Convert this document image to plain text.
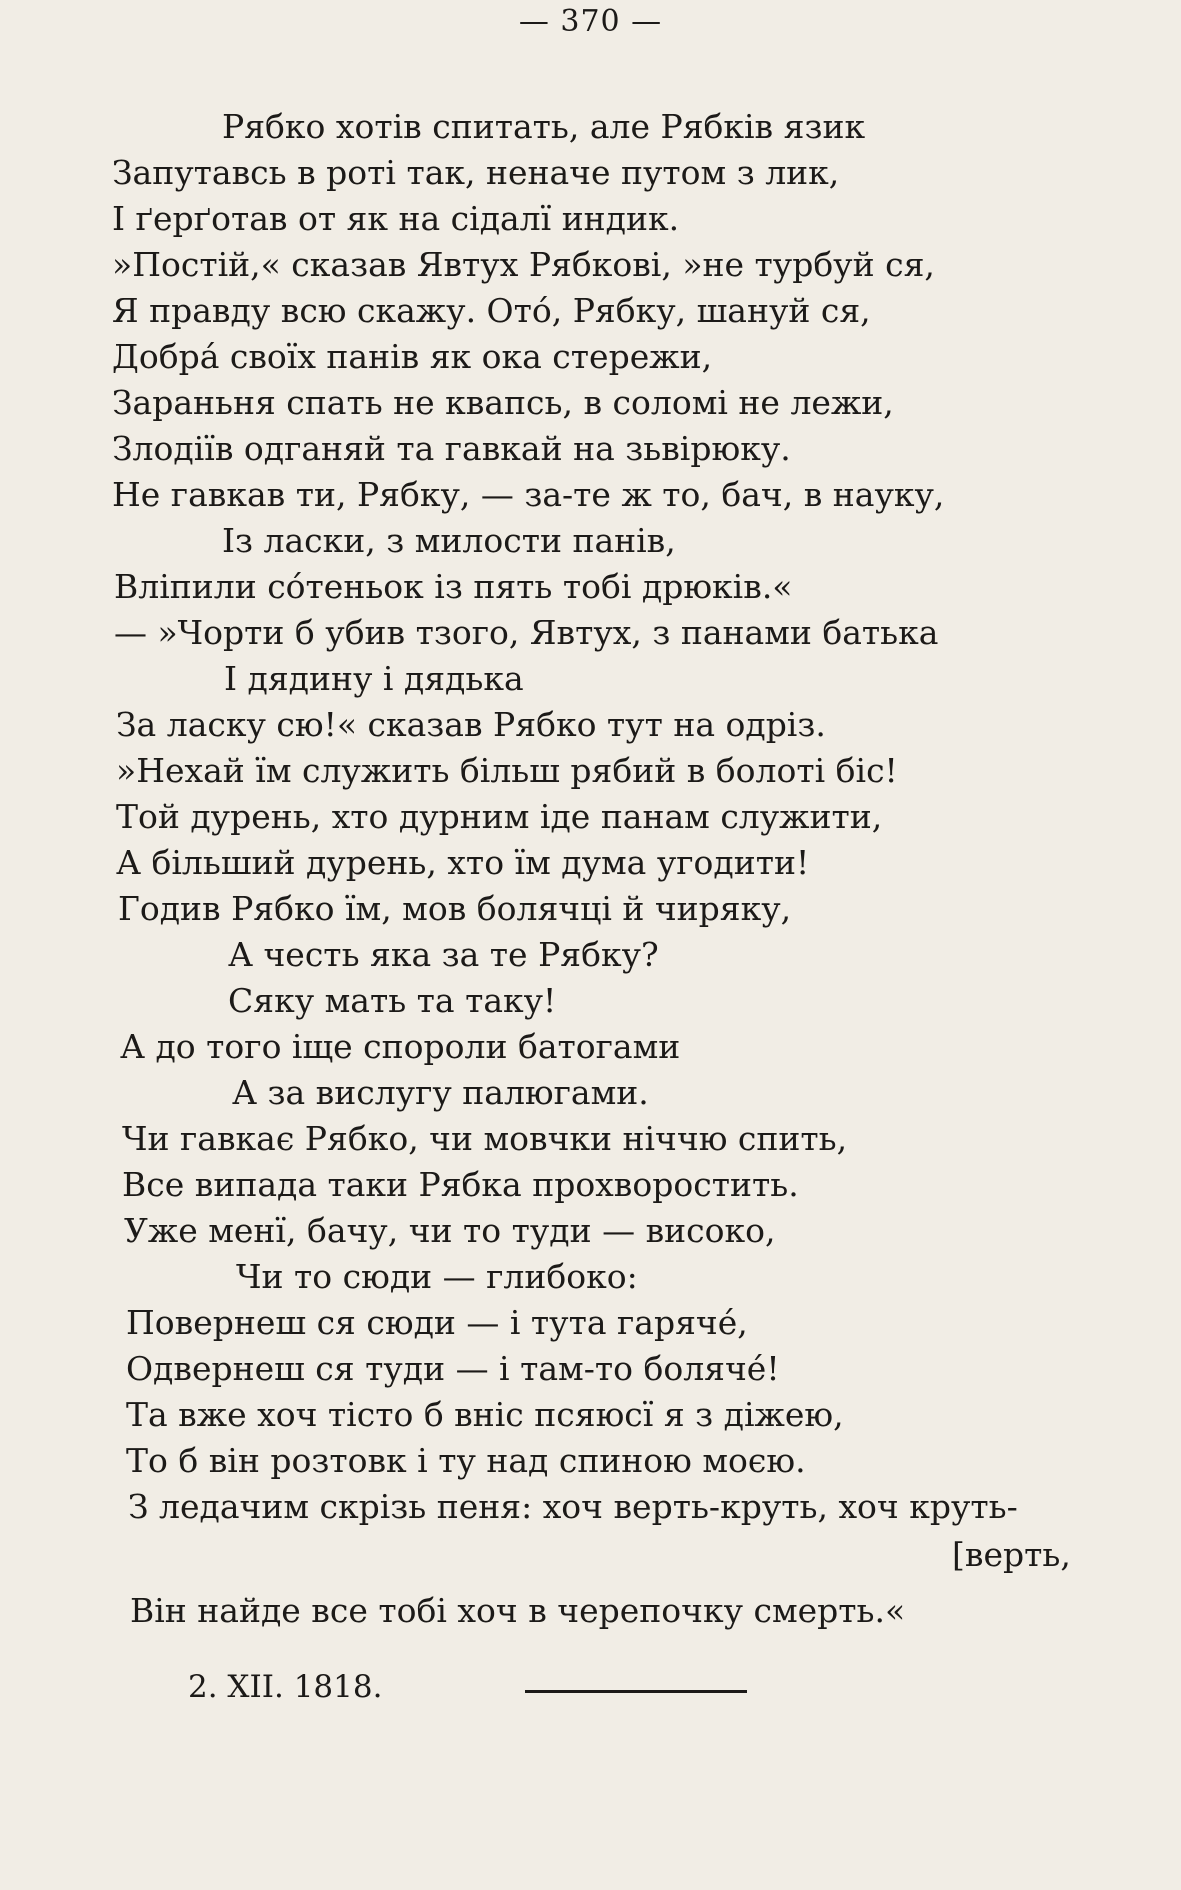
— 370 —
Рябко хотів спитать, але Рябків язик
Запутавсь в роті так, неначе путом з лик,
І ґерґотав от як на сідалї индик.
»Постій,« сказав Явтух Рябкові, »не турбуй ся,
Я правду всю скажу. Ото́, Рябку, шануй ся,
Добра́ своїх панів як ока стережи,
Зараньня спать не квапсь, в соломі не лежи,
Злодіїв одганяй та гавкай на зьвірюку.
Не гавкав ти, Рябку, — за-те ж то, бач, в науку,
Із ласки, з милости панів,
Вліпили со́теньок із пять тобі дрюків.«
— »Чорти б убив тзого, Явтух, з панами батька
І дядину і дядька
За ласку сю!« сказав Рябко тут на одріз.
»Нехай їм служить більш рябий в болоті біс!
Той дурень, хто дурним іде панам служити,
А більший дурень, хто їм дума угодити!
Годив Рябко їм, мов болячці й чиряку,
А честь яка за те Рябку?
Сяку мать та таку!
А до того іще спороли батогами
А за вислугу палюгами.
Чи гавкає Рябко, чи мовчки ніччю спить,
Все випада таки Рябка прохворостить.
Уже менї, бачу, чи то туди — високо,
Чи то сюди — глибоко:
Повернеш ся сюди — і тута гаряче́,
Одвернеш ся туди — і там-то боляче́!
Та вже хоч тісто б вніс псяюсї я з діжею,
То б він розтовк і ту над спиною моєю.
З ледачим скрізь пеня: хоч верть-круть, хоч круть-
[верть,
Він найде все тобі хоч в черепочку смерть.«
2. XII. 1818.
